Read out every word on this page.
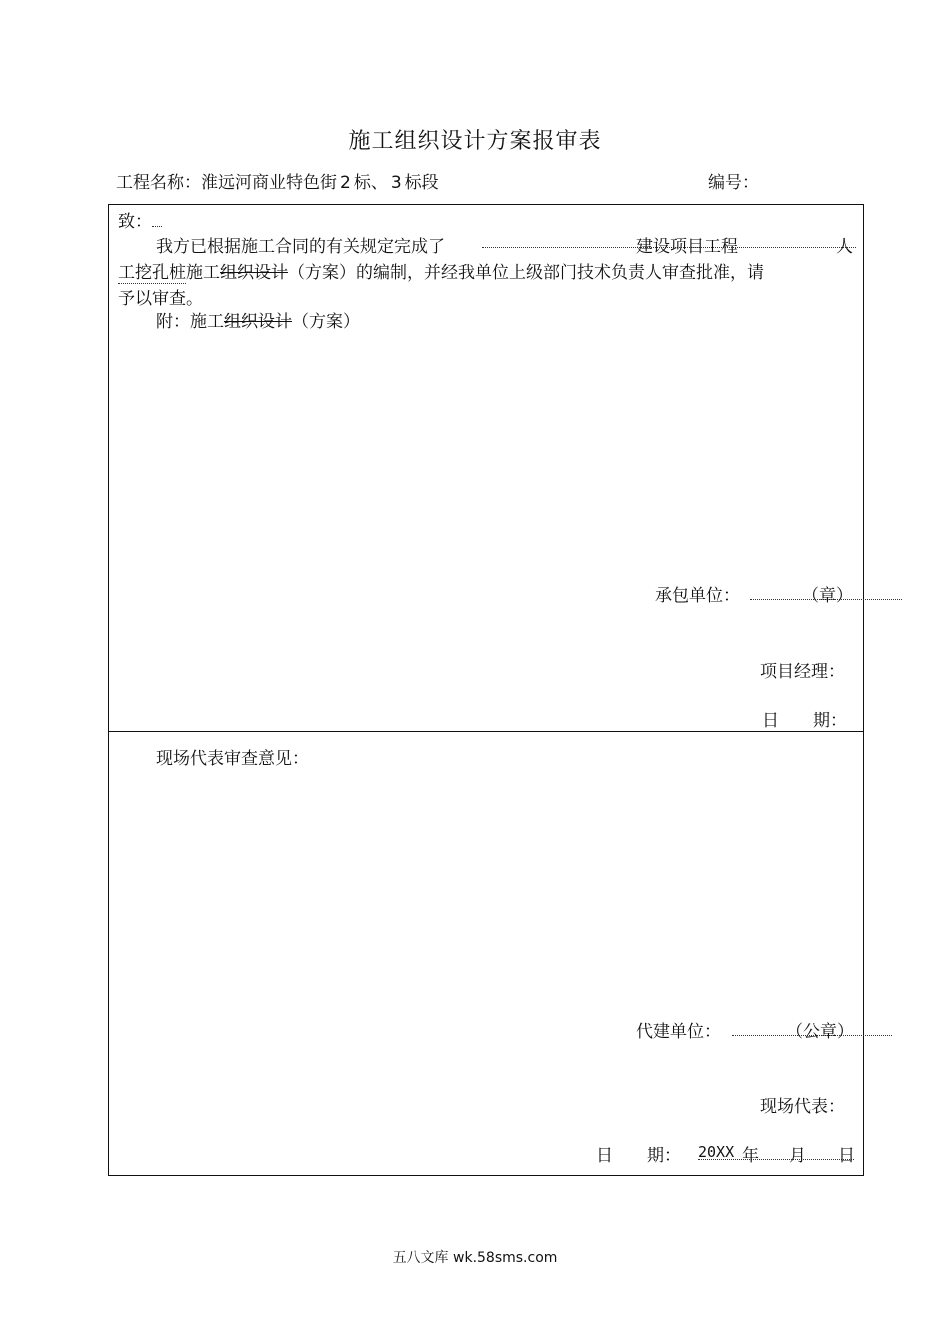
施工组织设计方案报审表
工程名称：淮远河商业特色街 2 标、 3 标段	编号：
致：
我方已根据施工合同的有关规定完成了	建设项目工程	人
工挖孔桩施工组织设计（方案）的编制，并经我单位上级部门技术负责人审查批准，请
予以审查。
附：施工组织设计（方案）
承包单位：	（章）
项目经理：
日　　期：
现场代表审查意见：
代建单位：	（公章）
现场代表：
日　　期： 20XX 年 月 日
五八文库 wk.58sms.com
